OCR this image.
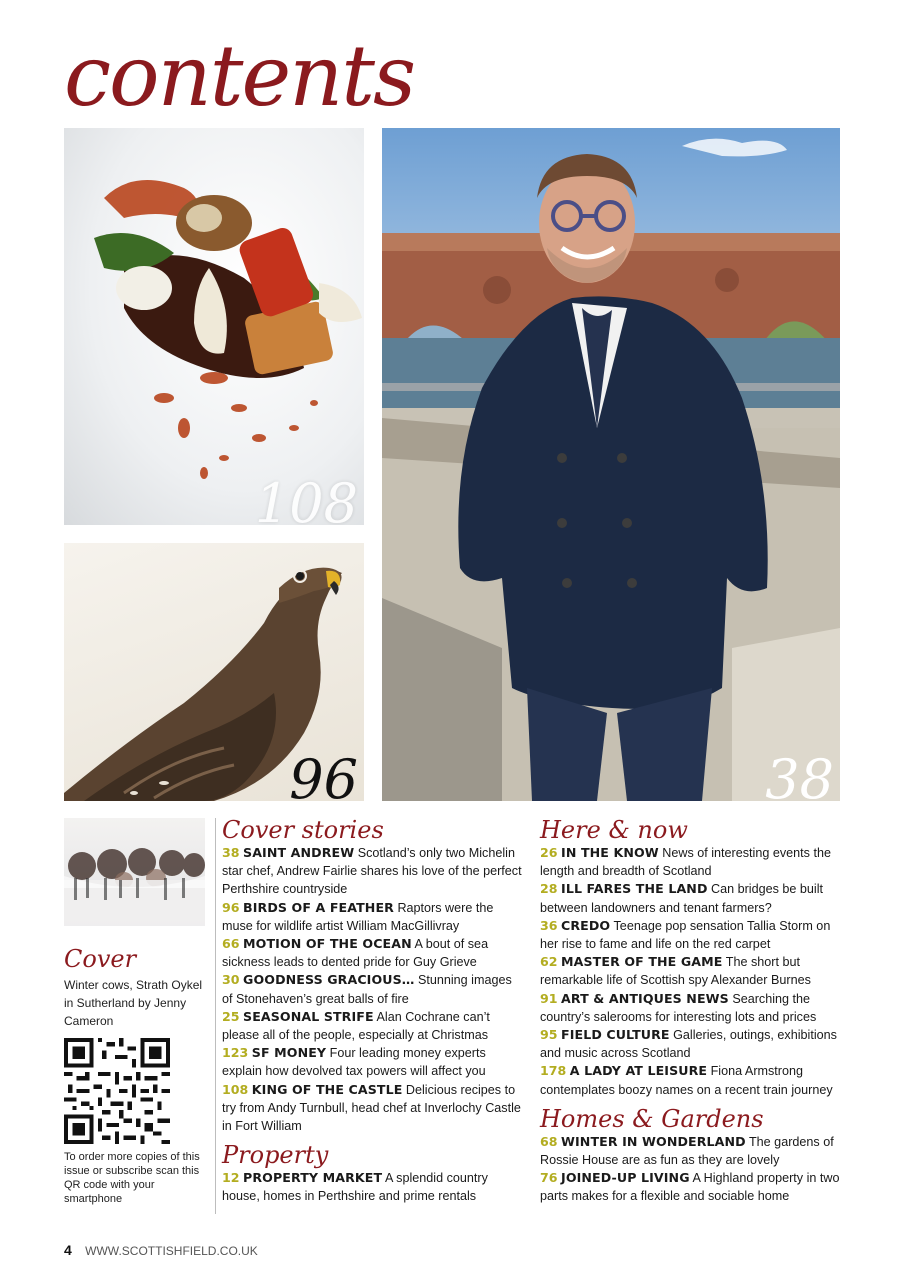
contents
108
96	38
Cover
Winter cows, Strath Oykel in Sutherland by Jenny Cameron
To order more copies of this issue or subscribe scan this QR code with your smartphone
Cover stories

38 SAINT ANDREW Scotland’s only two Michelin star chef, Andrew Fairlie shares his love of the perfect Perthshire countryside

96 BIRDS OF A FEATHER Raptors were the muse for wildlife artist William MacGillivray

66 MOTION OF THE OCEAN A bout of sea sickness leads to dented pride for Guy Grieve

30 GOODNESS GRACIOUS… Stunning images of Stonehaven’s great balls of fire

25 SEASONAL STRIFE Alan Cochrane can’t please all of the people, especially at Christmas

123 SF MONEY Four leading money experts explain how devolved tax powers will affect you

108 KING OF THE CASTLE Delicious recipes to try from Andy Turnbull, head chef at Inverlochy Castle in Fort William

Property

12 PROPERTY MARKET A splendid country house, homes in Perthshire and prime rentals

Here & now

26 IN THE KNOW News of interesting events the length and breadth of Scotland

28 ILL FARES THE LAND Can bridges be built between landowners and tenant farmers?

36 CREDO Teenage pop sensation Tallia Storm on her rise to fame and life on the red carpet

62 MASTER OF THE GAME The short but remarkable life of Scottish spy Alexander Burnes

91 ART & ANTIQUES NEWS Searching the country’s salerooms for interesting lots and prices

95 FIELD CULTURE Galleries, outings, exhibitions and music across Scotland

178 A LADY AT LEISURE Fiona Armstrong contemplates boozy names on a recent train journey

Homes & Gardens

68 WINTER IN WONDERLAND The gardens of Rossie House are as fun as they are lovely

76 JOINED-UP LIVING A Highland property in two parts makes for a flexible and sociable home

4 WWW.SCOTTISHFIELD.CO.UK
